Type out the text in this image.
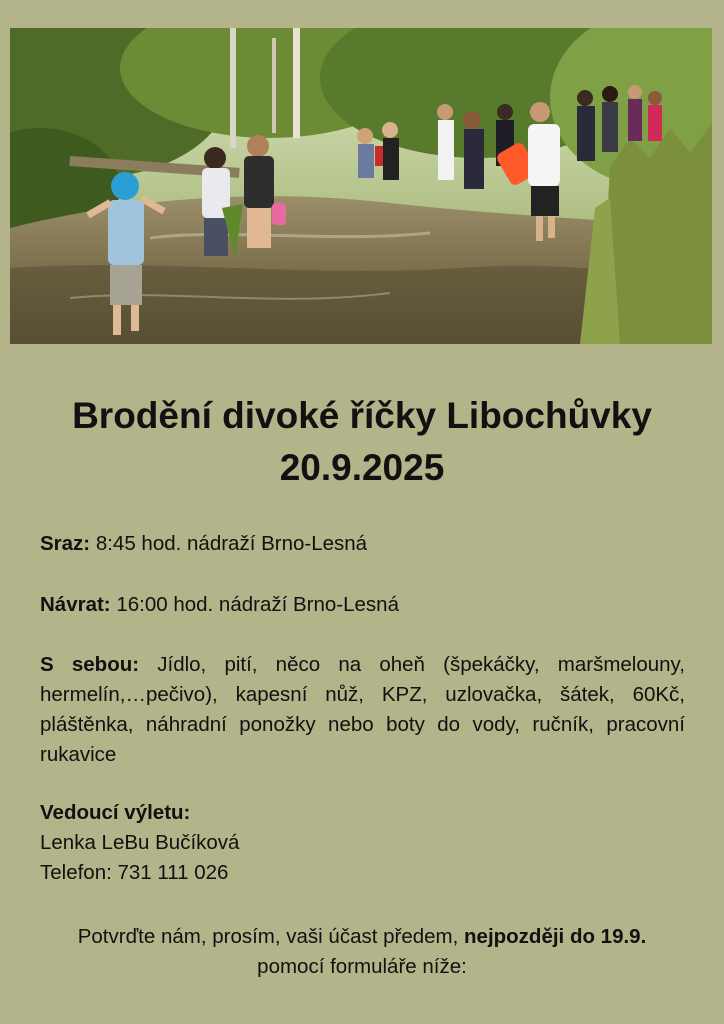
Brodění divoké říčky Libochůvky
20.9.2025
Sraz: 8:45 hod. nádraží Brno-Lesná
Návrat: 16:00 hod. nádraží Brno-Lesná
S sebou: Jídlo, pití, něco na oheň (špekáčky, maršmelouny, hermelín,…pečivo), kapesní nůž, KPZ, uzlovačka, šátek, 60Kč, pláštěnka, náhradní ponožky nebo boty do vody, ručník, pracovní rukavice
Vedoucí výletu:
Lenka LeBu Bučíková
Telefon: 731 111 026
Potvrďte nám, prosím, vaši účast předem, nejpozději do 19.9.
pomocí formuláře níže:
